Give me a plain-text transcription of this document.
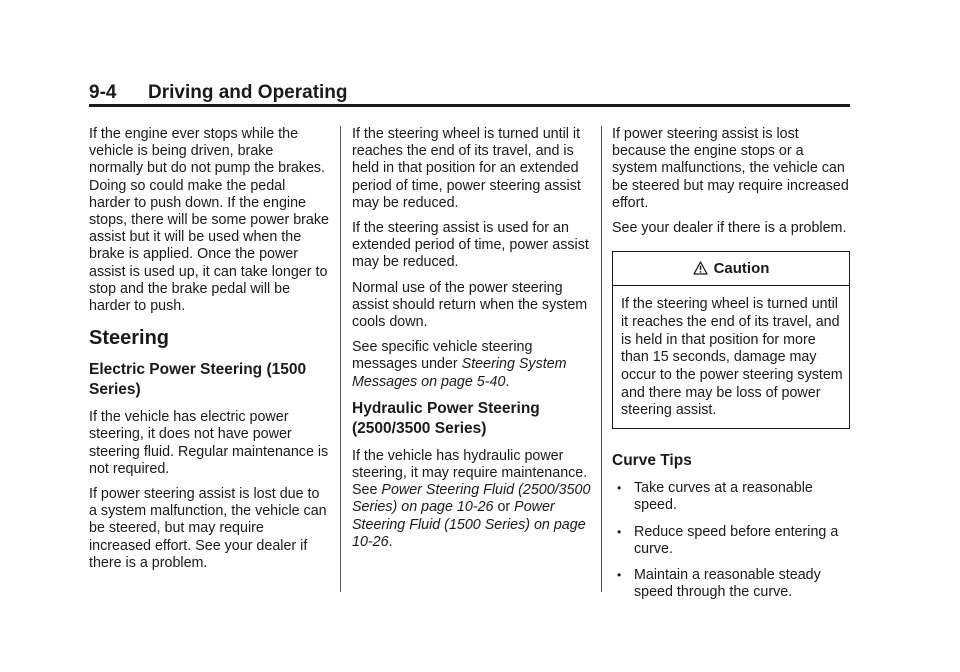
9-4 Driving and Operating

If the engine ever stops while the vehicle is being driven, brake normally but do not pump the brakes. Doing so could make the pedal harder to push down. If the engine stops, there will be some power brake assist but it will be used when the brake is applied. Once the power assist is used up, it can take longer to stop and the brake pedal will be harder to push.

Steering
Electric Power Steering (1500 Series)

If the vehicle has electric power steering, it does not have power steering fluid. Regular maintenance is not required.

If power steering assist is lost due to a system malfunction, the vehicle can be steered, but may require increased effort. See your dealer if there is a problem.

If the steering wheel is turned until it reaches the end of its travel, and is held in that position for an extended period of time, power steering assist may be reduced.

If the steering assist is used for an extended period of time, power assist may be reduced.

Normal use of the power steering assist should return when the system cools down.

See specific vehicle steering messages under Steering System Messages on page 5-40.

Hydraulic Power Steering (2500/3500 Series)

If the vehicle has hydraulic power steering, it may require maintenance. See Power Steering Fluid (2500/3500 Series) on page 10-26 or Power Steering Fluid (1500 Series) on page 10-26.

If power steering assist is lost because the engine stops or a system malfunctions, the vehicle can be steered but may require increased effort.

See your dealer if there is a problem.

Caution
If the steering wheel is turned until it reaches the end of its travel, and is held in that position for more than 15 seconds, damage may occur to the power steering system and there may be loss of power steering assist.
Curve Tips
• Take curves at a reasonable speed.
• Reduce speed before entering a curve.
• Maintain a reasonable steady speed through the curve.
